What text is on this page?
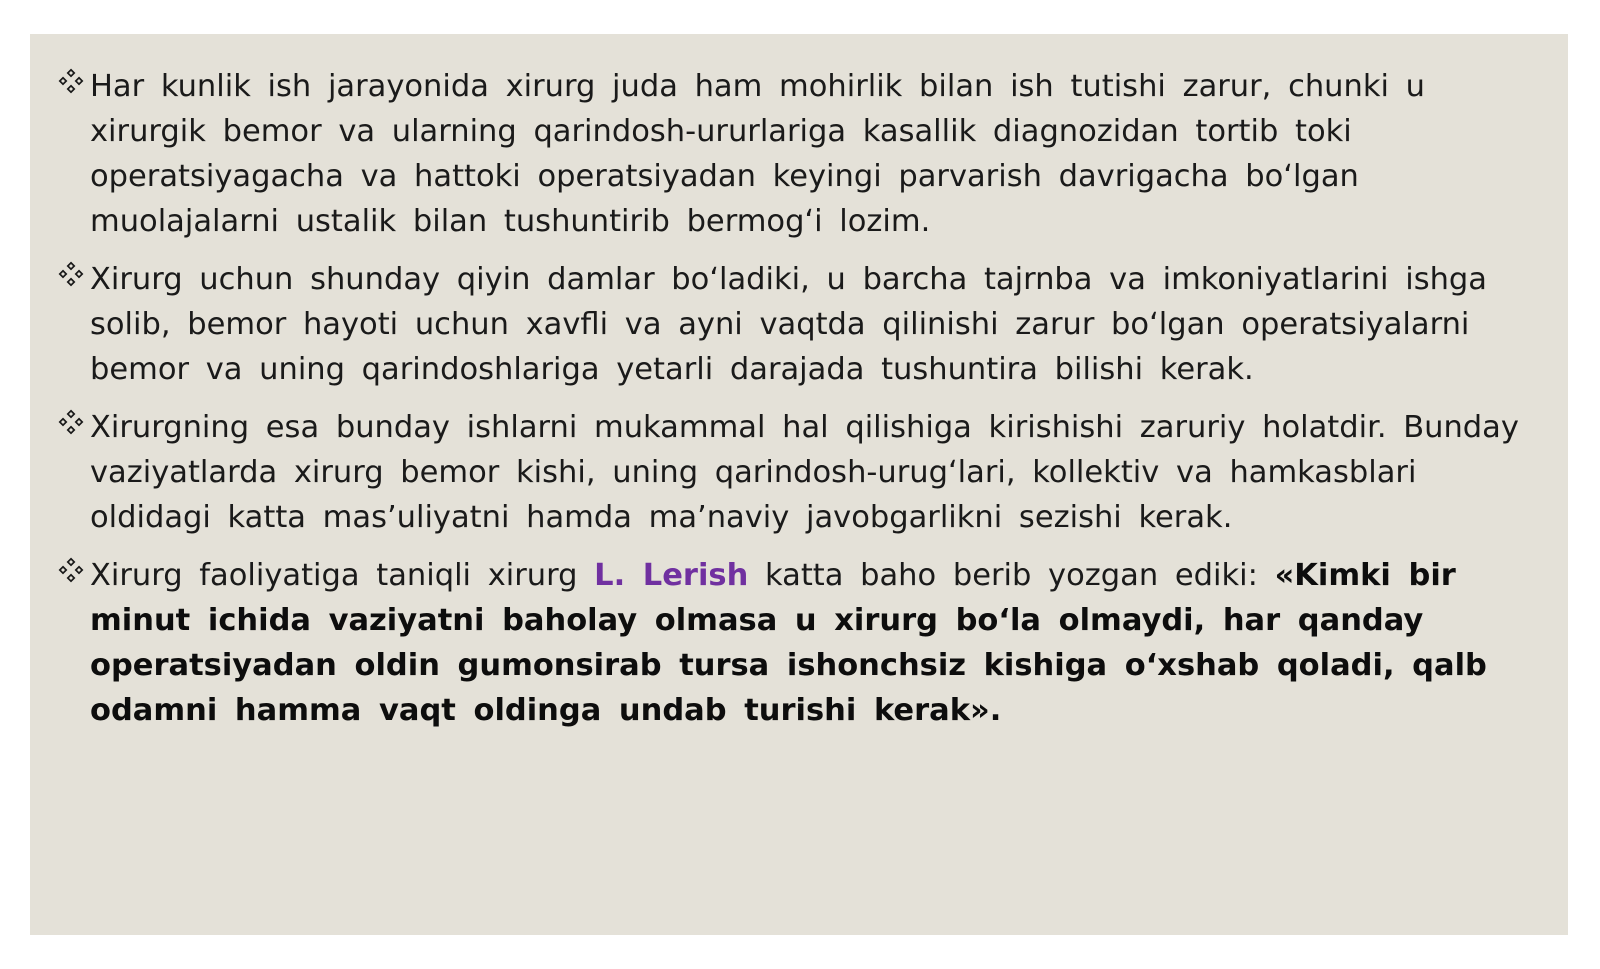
Har kunlik ish jarayonida xirurg juda ham mohirlik bilan ish tutishi zarur, chunki u xirurgik bemor va ularning qarindosh-ururlariga kasallik diagnozidan tortib toki operatsiyagacha va hattoki operatsiyadan keyingi parvarish davrigacha bo‘lgan muolajalarni ustalik bilan tushuntirib bermog‘i lozim.
Xirurg uchun shunday qiyin damlar bo‘ladiki, u barcha tajrnba va imkoniyatlarini ishga solib, bemor hayoti uchun xavfli va ayni vaqtda qilinishi zarur bo‘lgan operatsiyalarni bemor va uning qarindoshlariga yetarli darajada tushuntira bilishi kerak.
Xirurgning esa bunday ishlarni mukammal hal qilishiga kirishishi zaruriy holatdir. Bunday vaziyatlarda xirurg bemor kishi, uning qarindosh-urug‘lari, kollektiv va hamkasblari oldidagi katta mas’uliyatni hamda ma’naviy javobgarlikni sezishi kerak.
Xirurg faoliyatiga taniqli xirurg L. Lerish katta baho berib yozgan ediki: «Kimki bir minut ichida vaziyatni baholay olmasa u xirurg bo‘la olmaydi, har qanday operatsiyadan oldin gumonsirab tursa ishonchsiz kishiga o‘xshab qoladi, qalb odamni hamma vaqt oldinga undab turishi kerak».
